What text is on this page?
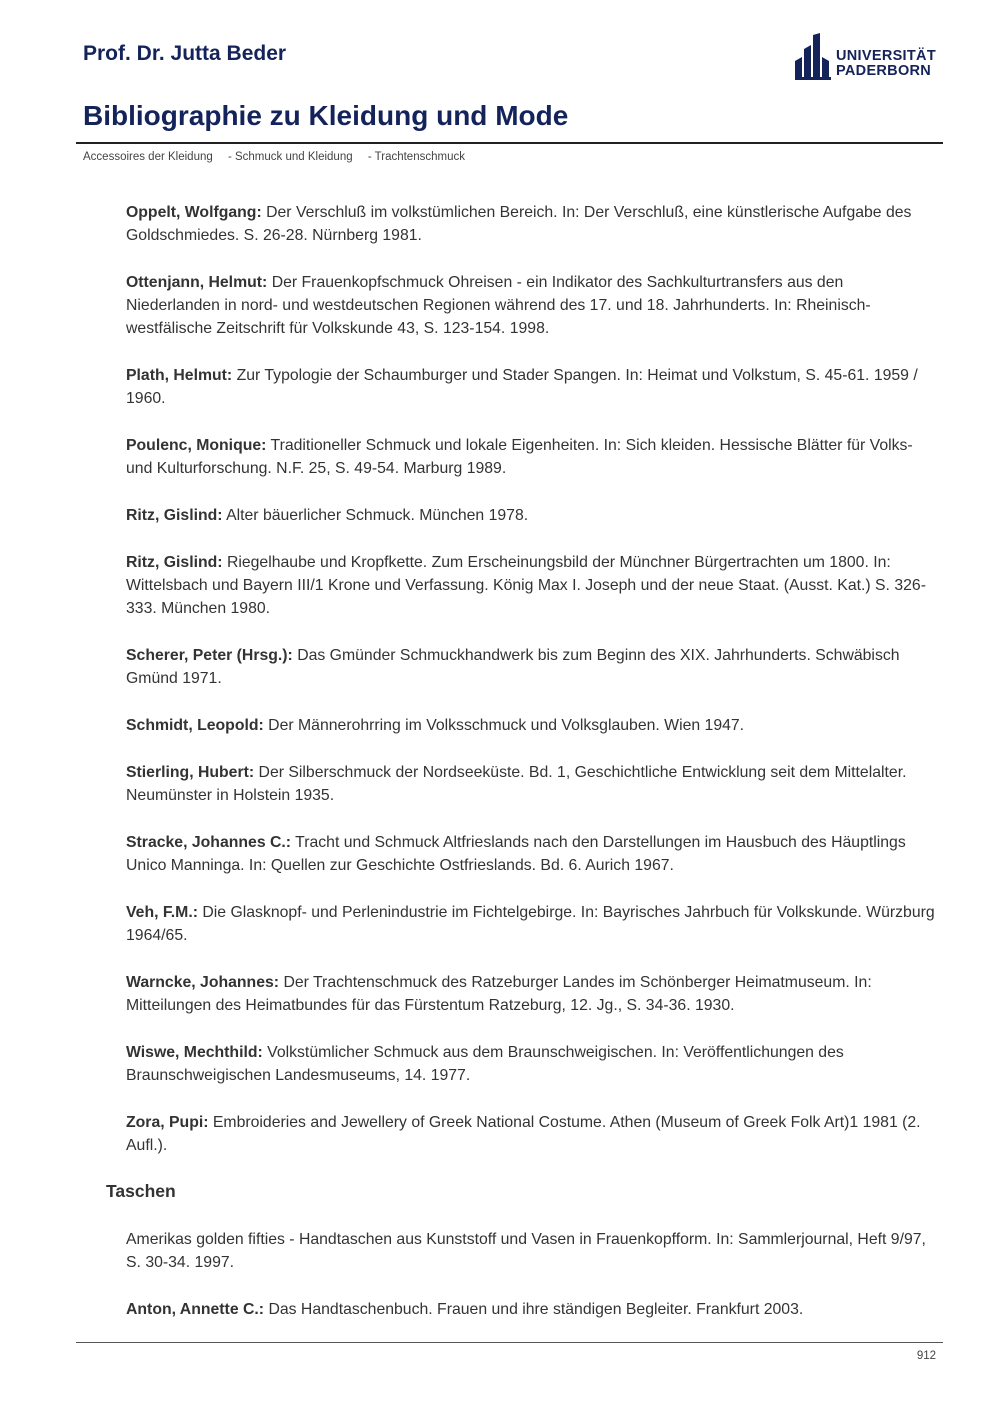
Prof. Dr. Jutta Beder	UNIVERSITÄT
PADERBORN
Bibliographie zu Kleidung und Mode
Accessoires der Kleidung - Schmuck und Kleidung - Trachtenschmuck

Oppelt, Wolfgang: Der Verschluß im volkstümlichen Bereich. In: Der Verschluß, eine künstlerische Aufgabe des Goldschmiedes. S. 26-28. Nürnberg 1981.

Ottenjann, Helmut: Der Frauenkopfschmuck Ohreisen - ein Indikator des Sachkulturtransfers aus den Niederlanden in nord- und westdeutschen Regionen während des 17. und 18. Jahrhunderts. In: Rheinisch-westfälische Zeitschrift für Volkskunde 43, S. 123-154. 1998.

Plath, Helmut: Zur Typologie der Schaumburger und Stader Spangen. In: Heimat und Volkstum, S. 45-61. 1959 / 1960.

Poulenc, Monique: Traditioneller Schmuck und lokale Eigenheiten. In: Sich kleiden. Hessische Blätter für Volks- und Kulturforschung. N.F. 25, S. 49-54. Marburg 1989.

Ritz, Gislind: Alter bäuerlicher Schmuck. München 1978.

Ritz, Gislind: Riegelhaube und Kropfkette. Zum Erscheinungsbild der Münchner Bürgertrachten um 1800. In: Wittelsbach und Bayern III/1 Krone und Verfassung. König Max I. Joseph und der neue Staat. (Ausst. Kat.) S. 326-333. München 1980.

Scherer, Peter (Hrsg.): Das Gmünder Schmuckhandwerk bis zum Beginn des XIX. Jahrhunderts. Schwäbisch Gmünd 1971.

Schmidt, Leopold: Der Männerohrring im Volksschmuck und Volksglauben. Wien 1947.

Stierling, Hubert: Der Silberschmuck der Nordseeküste. Bd. 1, Geschichtliche Entwicklung seit dem Mittelalter. Neumünster in Holstein 1935.

Stracke, Johannes C.: Tracht und Schmuck Altfrieslands nach den Darstellungen im Hausbuch des Häuptlings Unico Manninga. In: Quellen zur Geschichte Ostfrieslands. Bd. 6. Aurich 1967.

Veh, F.M.: Die Glasknopf- und Perlenindustrie im Fichtelgebirge. In: Bayrisches Jahrbuch für Volkskunde. Würzburg 1964/65.

Warncke, Johannes: Der Trachtenschmuck des Ratzeburger Landes im Schönberger Heimatmuseum. In: Mitteilungen des Heimatbundes für das Fürstentum Ratzeburg, 12. Jg., S. 34-36. 1930.

Wiswe, Mechthild: Volkstümlicher Schmuck aus dem Braunschweigischen. In: Veröffentlichungen des Braunschweigischen Landesmuseums, 14. 1977.

Zora, Pupi: Embroideries and Jewellery of Greek National Costume. Athen (Museum of Greek Folk Art)1 1981 (2. Aufl.).

Taschen

Amerikas golden fifties - Handtaschen aus Kunststoff und Vasen in Frauenkopfform. In: Sammlerjournal, Heft 9/97, S. 30-34. 1997.

Anton, Annette C.: Das Handtaschenbuch. Frauen und ihre ständigen Begleiter. Frankfurt 2003.

912
